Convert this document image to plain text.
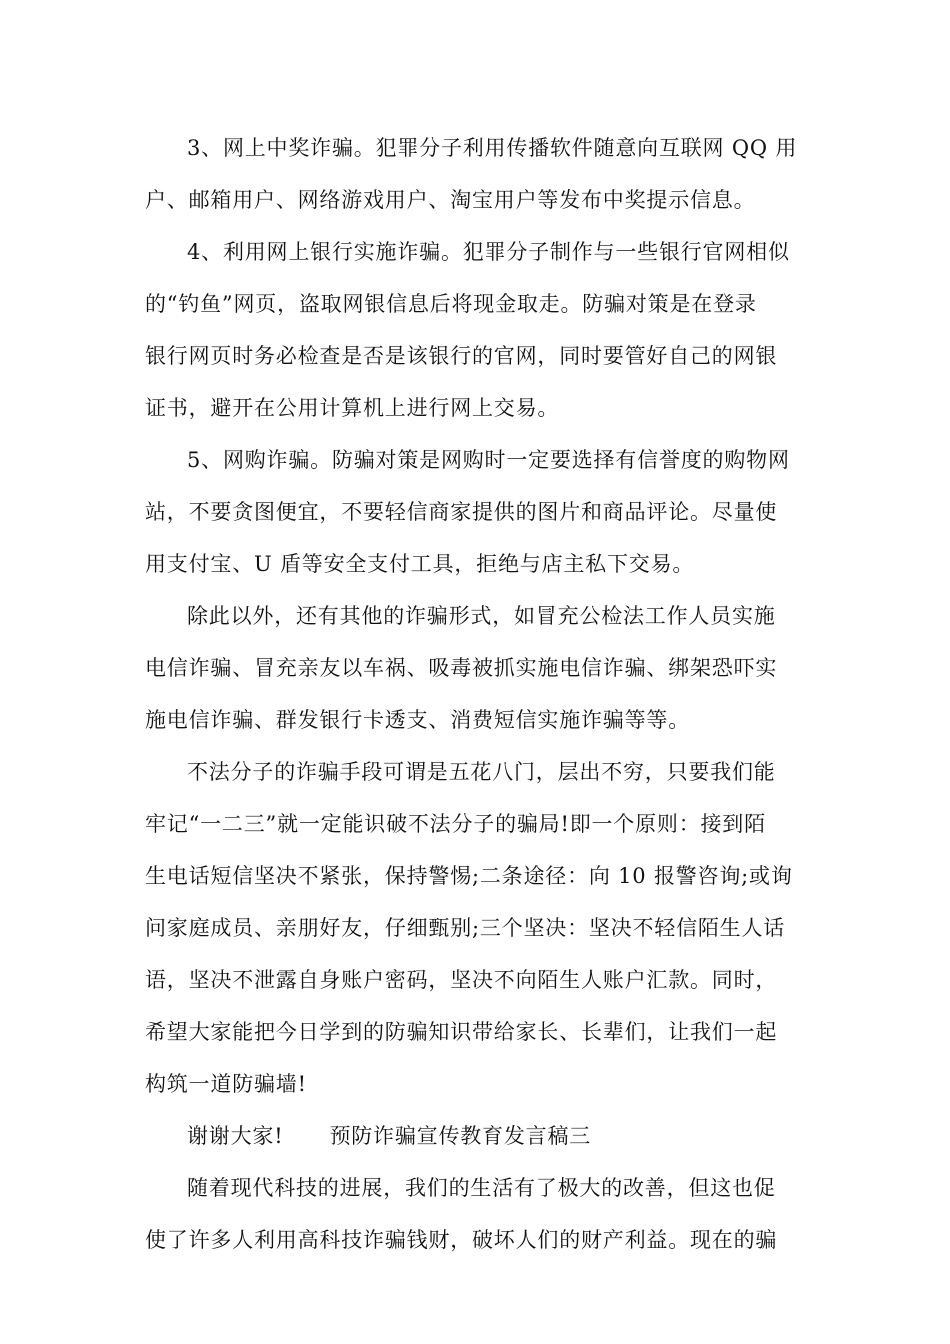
3、网上中奖诈骗。犯罪分子利用传播软件随意向互联网 QQ 用
户、邮箱用户、网络游戏用户、淘宝用户等发布中奖提示信息。
4、利用网上银行实施诈骗。犯罪分子制作与一些银行官网相似
的“钓鱼”网页，盗取网银信息后将现金取走。防骗对策是在登录
银行网页时务必检查是否是该银行的官网，同时要管好自己的网银
证书，避开在公用计算机上进行网上交易。
5、网购诈骗。防骗对策是网购时一定要选择有信誉度的购物网
站，不要贪图便宜，不要轻信商家提供的图片和商品评论。尽量使
用支付宝、U 盾等安全支付工具，拒绝与店主私下交易。
除此以外，还有其他的诈骗形式，如冒充公检法工作人员实施
电信诈骗、冒充亲友以车祸、吸毒被抓实施电信诈骗、绑架恐吓实
施电信诈骗、群发银行卡透支、消费短信实施诈骗等等。
不法分子的诈骗手段可谓是五花八门，层出不穷，只要我们能
牢记“一二三”就一定能识破不法分子的骗局!即一个原则：接到陌
生电话短信坚决不紧张，保持警惕;二条途径：向 10 报警咨询;或询
问家庭成员、亲朋好友，仔细甄别;三个坚决：坚决不轻信陌生人话
语，坚决不泄露自身账户密码，坚决不向陌生人账户汇款。同时，
希望大家能把今日学到的防骗知识带给家长、长辈们，让我们一起
构筑一道防骗墙!
谢谢大家! 预防诈骗宣传教育发言稿三
随着现代科技的进展，我们的生活有了极大的改善，但这也促
使了许多人利用高科技诈骗钱财，破坏人们的财产利益。现在的骗
